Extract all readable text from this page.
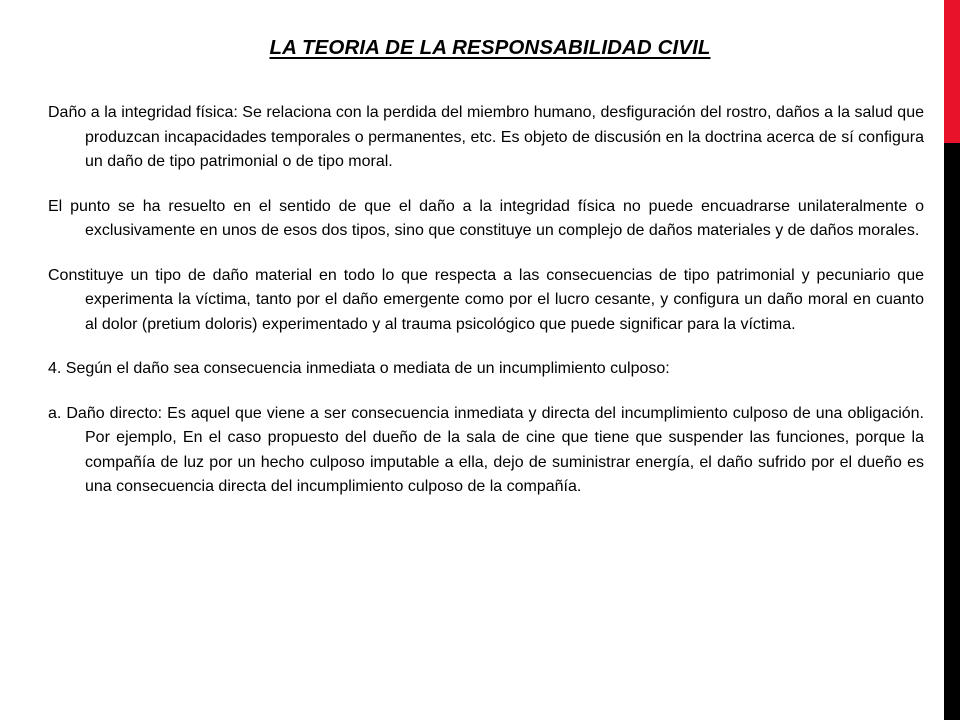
LA TEORIA DE LA RESPONSABILIDAD CIVIL

Daño a la integridad física: Se relaciona con la perdida del miembro humano, desfiguración del rostro, daños a la salud que produzcan incapacidades temporales o permanentes, etc. Es objeto de discusión en la doctrina acerca de sí configura un daño de tipo patrimonial o de tipo moral.

El punto se ha resuelto en el sentido de que el daño a la integridad física no puede encuadrarse unilateralmente o exclusivamente en unos de esos dos tipos, sino que constituye un complejo de daños materiales y de daños morales.

Constituye un tipo de daño material en todo lo que respecta a las consecuencias de tipo patrimonial y pecuniario que experimenta la víctima, tanto por el daño emergente como por el lucro cesante, y configura un daño moral en cuanto al dolor (pretium doloris) experimentado y al trauma psicológico que puede significar para la víctima.

4. Según el daño sea consecuencia inmediata o mediata de un incumplimiento culposo:

a. Daño directo: Es aquel que viene a ser consecuencia inmediata y directa del incumplimiento culposo de una obligación. Por ejemplo, En el caso propuesto del dueño de la sala de cine que tiene que suspender las funciones, porque la compañía de luz por un hecho culposo imputable a ella, dejo de suministrar energía, el daño sufrido por el dueño es una consecuencia directa del incumplimiento culposo de la compañía.
